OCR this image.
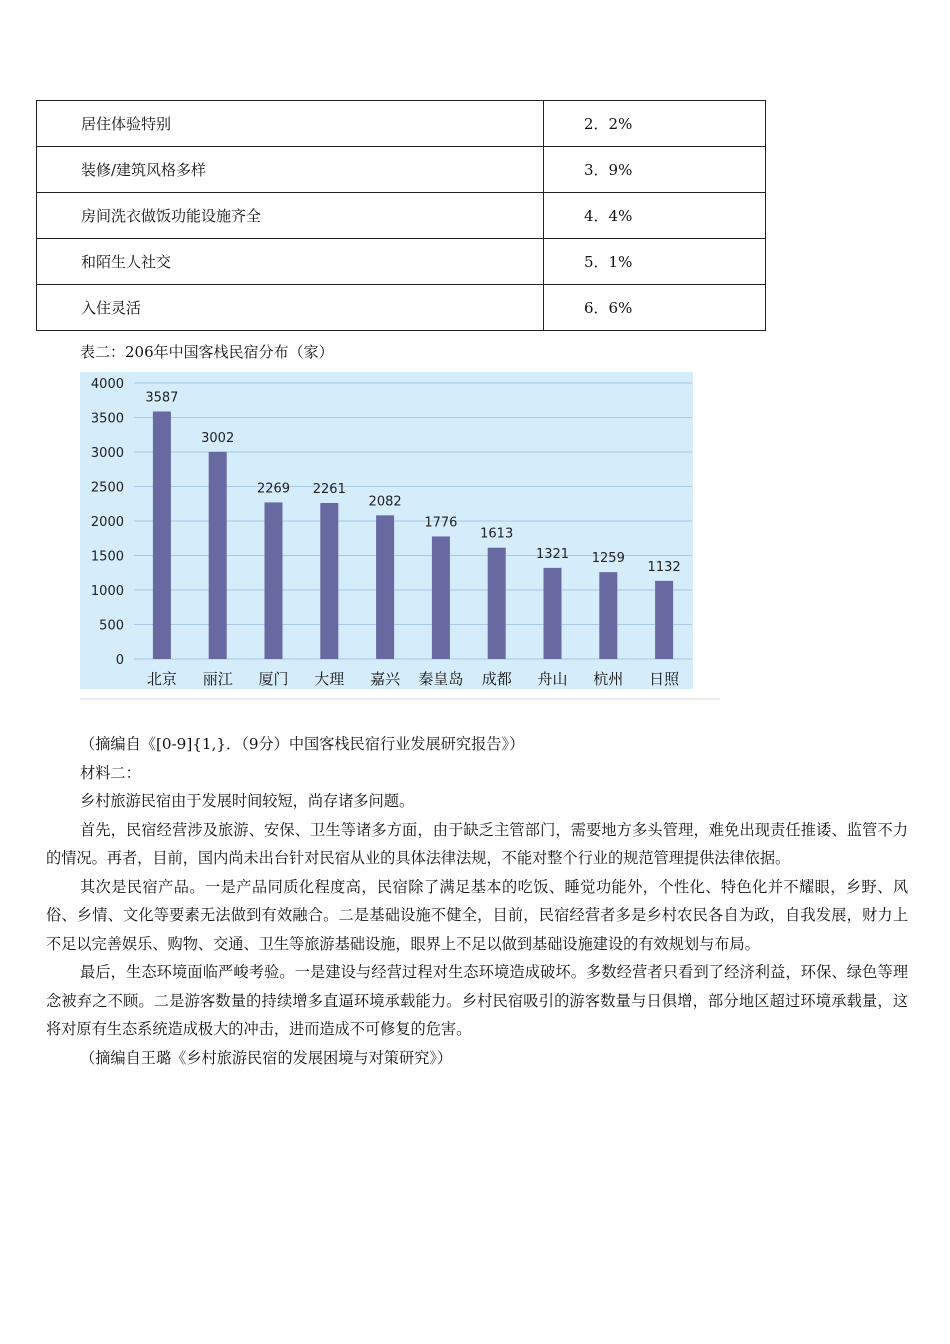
居住体验特别	2．2%
装修/建筑风格多样	3．9%
房间洗衣做饭功能设施齐全	4．4%
和陌生人社交	5．1%
入住灵活	6．6%
表二：206年中国客栈民宿分布（家）
0
500
1000
1500
2000
2500
3000
3500
4000
3587
北京
3002
丽江
2269
厦门
2261
大理
2082
嘉兴
1776
秦皇岛
1613
成都
1321
舟山
1259
杭州
1132
日照

（摘编自《[0-9]{1,}．（9分）中国客栈民宿行业发展研究报告》）

材料二：

乡村旅游民宿由于发展时间较短，尚存诸多问题。

首先，民宿经营涉及旅游、安保、卫生等诸多方面，由于缺乏主管部门，需要地方多头管理，难免出现责任推诿、监管不力的情况。再者，目前，国内尚未出台针对民宿从业的具体法律法规，不能对整个行业的规范管理提供法律依据。

其次是民宿产品。一是产品同质化程度高，民宿除了满足基本的吃饭、睡觉功能外，个性化、特色化并不耀眼，乡野、风俗、乡情、文化等要素无法做到有效融合。二是基础设施不健全，目前，民宿经营者多是乡村农民各自为政，自我发展，财力上不足以完善娱乐、购物、交通、卫生等旅游基础设施，眼界上不足以做到基础设施建设的有效规划与布局。

最后，生态环境面临严峻考验。一是建设与经营过程对生态环境造成破坏。多数经营者只看到了经济利益，环保、绿色等理念被弃之不顾。二是游客数量的持续增多直逼环境承载能力。乡村民宿吸引的游客数量与日俱增，部分地区超过环境承载量，这将对原有生态系统造成极大的冲击，进而造成不可修复的危害。

（摘编自王璐《乡村旅游民宿的发展困境与对策研究》）
